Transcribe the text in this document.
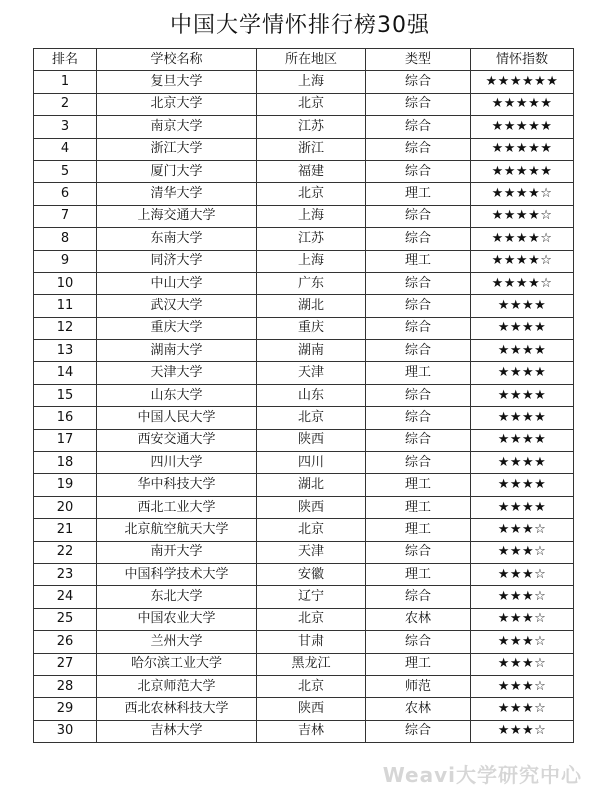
中国大学情怀排行榜30强
排名	学校名称	所在地区	类型	情怀指数
1	复旦大学	上海	综合	★★★★★★
2	北京大学	北京	综合	★★★★★
3	南京大学	江苏	综合	★★★★★
4	浙江大学	浙江	综合	★★★★★
5	厦门大学	福建	综合	★★★★★
6	清华大学	北京	理工	★★★★☆
7	上海交通大学	上海	综合	★★★★☆
8	东南大学	江苏	综合	★★★★☆
9	同济大学	上海	理工	★★★★☆
10	中山大学	广东	综合	★★★★☆
11	武汉大学	湖北	综合	★★★★
12	重庆大学	重庆	综合	★★★★
13	湖南大学	湖南	综合	★★★★
14	天津大学	天津	理工	★★★★
15	山东大学	山东	综合	★★★★
16	中国人民大学	北京	综合	★★★★
17	西安交通大学	陕西	综合	★★★★
18	四川大学	四川	综合	★★★★
19	华中科技大学	湖北	理工	★★★★
20	西北工业大学	陕西	理工	★★★★
21	北京航空航天大学	北京	理工	★★★☆
22	南开大学	天津	综合	★★★☆
23	中国科学技术大学	安徽	理工	★★★☆
24	东北大学	辽宁	综合	★★★☆
25	中国农业大学	北京	农林	★★★☆
26	兰州大学	甘肃	综合	★★★☆
27	哈尔滨工业大学	黑龙江	理工	★★★☆
28	北京师范大学	北京	师范	★★★☆
29	西北农林科技大学	陕西	农林	★★★☆
30	吉林大学	吉林	综合	★★★☆
Weavi大学研究中心
